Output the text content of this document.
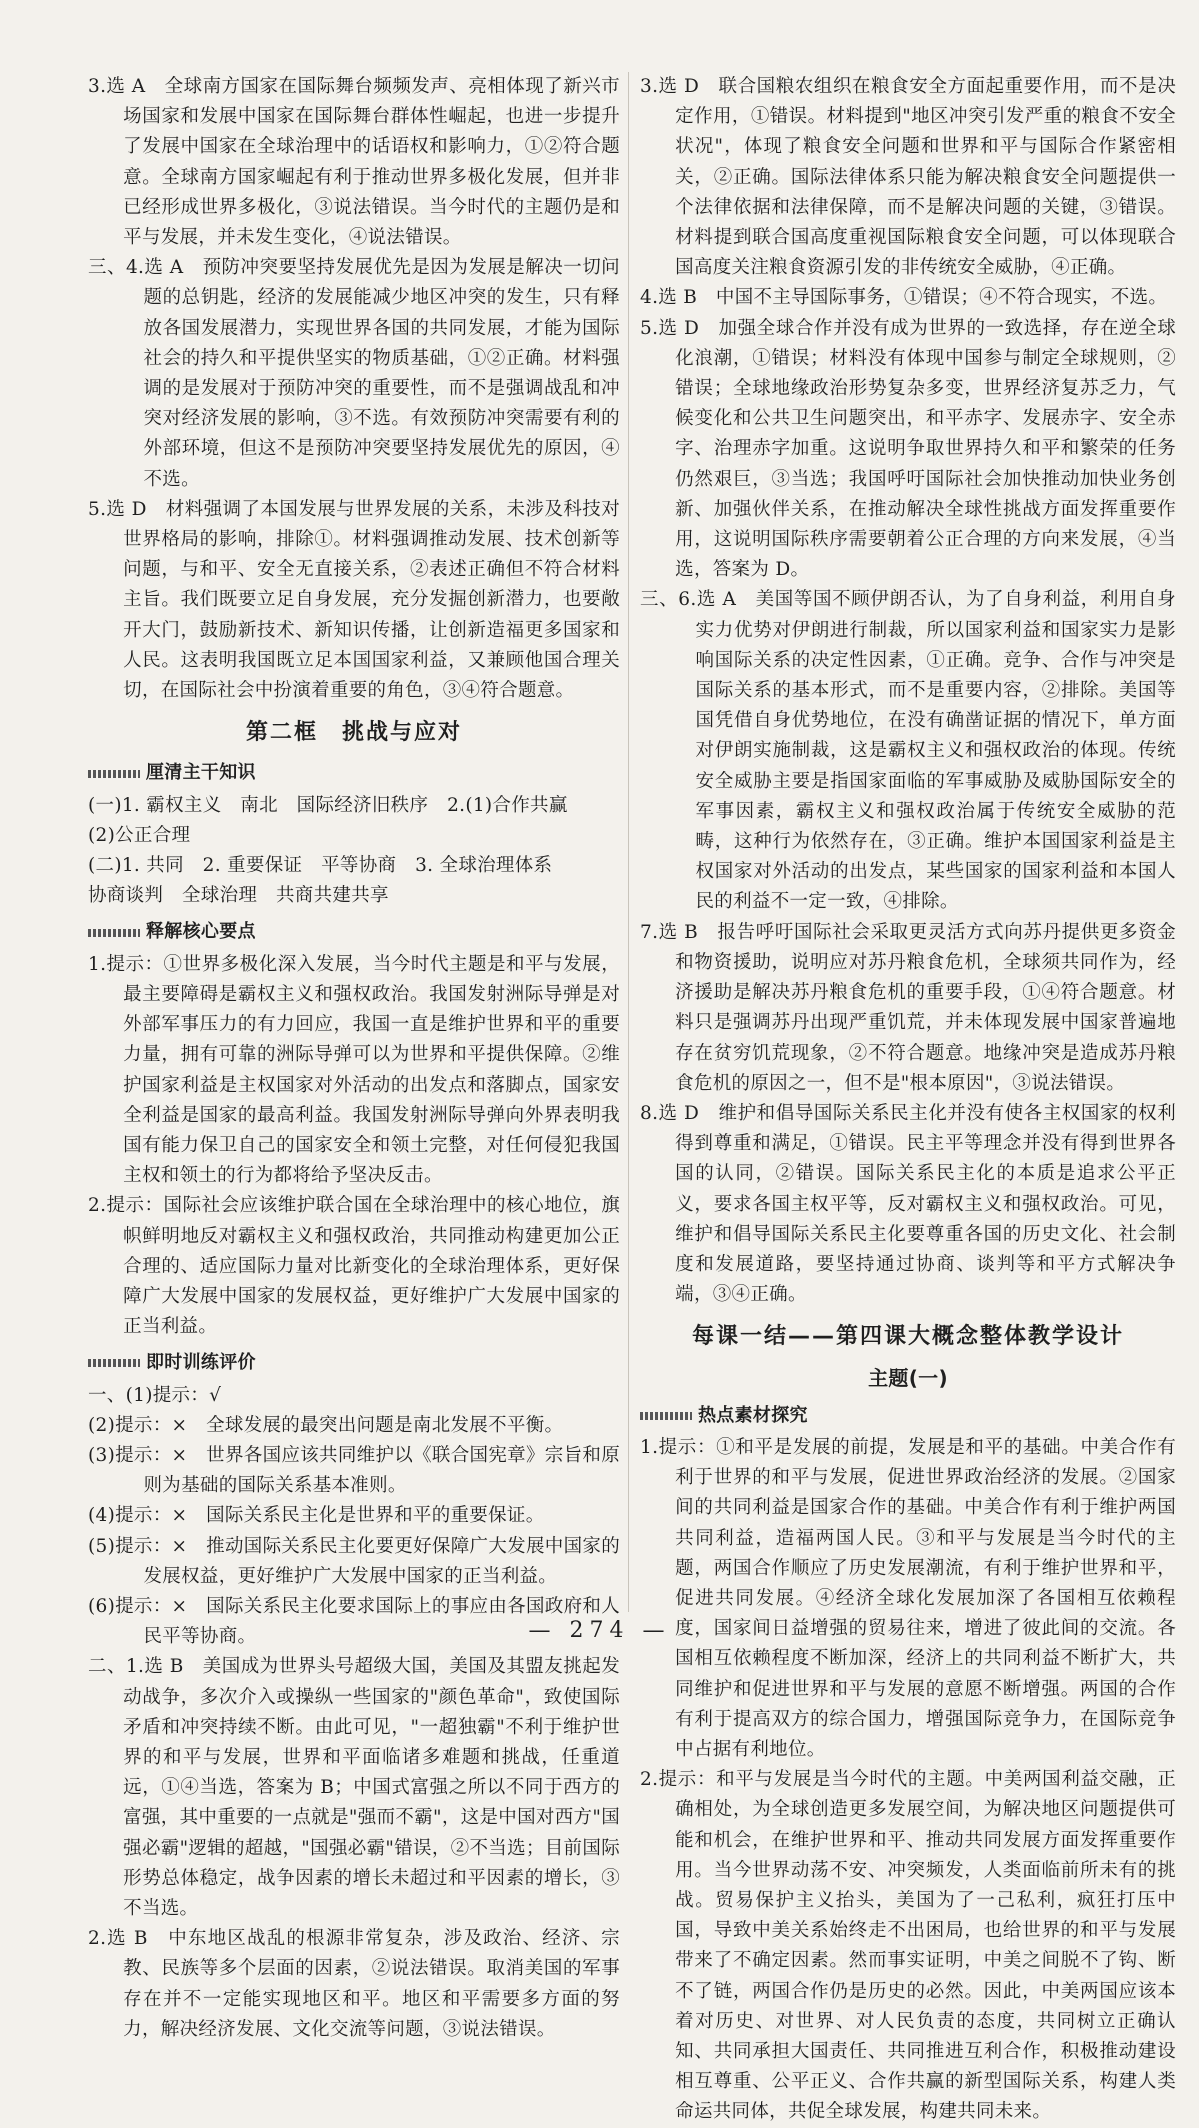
3.选 A　全球南方国家在国际舞台频频发声、亮相体现了新兴市场国家和发展中国家在国际舞台群体性崛起，也进一步提升了发展中国家在全球治理中的话语权和影响力，①②符合题意。全球南方国家崛起有利于推动世界多极化发展，但并非已经形成世界多极化，③说法错误。当今时代的主题仍是和平与发展，并未发生变化，④说法错误。

三、4.选 A　预防冲突要坚持发展优先是因为发展是解决一切问题的总钥匙，经济的发展能减少地区冲突的发生，只有释放各国发展潜力，实现世界各国的共同发展，才能为国际社会的持久和平提供坚实的物质基础，①②正确。材料强调的是发展对于预防冲突的重要性，而不是强调战乱和冲突对经济发展的影响，③不选。有效预防冲突需要有利的外部环境，但这不是预防冲突要坚持发展优先的原因，④不选。

5.选 D　材料强调了本国发展与世界发展的关系，未涉及科技对世界格局的影响，排除①。材料强调推动发展、技术创新等问题，与和平、安全无直接关系，②表述正确但不符合材料主旨。我们既要立足自身发展，充分发掘创新潜力，也要敞开大门，鼓励新技术、新知识传播，让创新造福更多国家和人民。这表明我国既立足本国国家利益，又兼顾他国合理关切，在国际社会中扮演着重要的角色，③④符合题意。

第二框　挑战与应对
厘清主干知识

(一)1. 霸权主义　南北　国际经济旧秩序　2.(1)合作共赢

(2)公正合理

(二)1. 共同　2. 重要保证　平等协商　3. 全球治理体系

协商谈判　全球治理　共商共建共享

释解核心要点

1.提示：①世界多极化深入发展，当今时代主题是和平与发展，最主要障碍是霸权主义和强权政治。我国发射洲际导弹是对外部军事压力的有力回应，我国一直是维护世界和平的重要力量，拥有可靠的洲际导弹可以为世界和平提供保障。②维护国家利益是主权国家对外活动的出发点和落脚点，国家安全利益是国家的最高利益。我国发射洲际导弹向外界表明我国有能力保卫自己的国家安全和领土完整，对任何侵犯我国主权和领土的行为都将给予坚决反击。

2.提示：国际社会应该维护联合国在全球治理中的核心地位，旗帜鲜明地反对霸权主义和强权政治，共同推动构建更加公正合理的、适应国际力量对比新变化的全球治理体系，更好保障广大发展中国家的发展权益，更好维护广大发展中国家的正当利益。

即时训练评价

一、(1)提示：√

(2)提示：×　全球发展的最突出问题是南北发展不平衡。

(3)提示：×　世界各国应该共同维护以《联合国宪章》宗旨和原则为基础的国际关系基本准则。

(4)提示：×　国际关系民主化是世界和平的重要保证。

(5)提示：×　推动国际关系民主化要更好保障广大发展中国家的发展权益，更好维护广大发展中国家的正当利益。

(6)提示：×　国际关系民主化要求国际上的事应由各国政府和人民平等协商。

二、1.选 B　美国成为世界头号超级大国，美国及其盟友挑起发动战争，多次介入或操纵一些国家的"颜色革命"，致使国际矛盾和冲突持续不断。由此可见，"一超独霸"不利于维护世界的和平与发展，世界和平面临诸多难题和挑战，任重道远，①④当选，答案为 B；中国式富强之所以不同于西方的富强，其中重要的一点就是"强而不霸"，这是中国对西方"国强必霸"逻辑的超越，"国强必霸"错误，②不当选；目前国际形势总体稳定，战争因素的增长未超过和平因素的增长，③不当选。

2.选 B　中东地区战乱的根源非常复杂，涉及政治、经济、宗教、民族等多个层面的因素，②说法错误。取消美国的军事存在并不一定能实现地区和平。地区和平需要多方面的努力，解决经济发展、文化交流等问题，③说法错误。

3.选 D　联合国粮农组织在粮食安全方面起重要作用，而不是决定作用，①错误。材料提到"地区冲突引发严重的粮食不安全状况"，体现了粮食安全问题和世界和平与国际合作紧密相关，②正确。国际法律体系只能为解决粮食安全问题提供一个法律依据和法律保障，而不是解决问题的关键，③错误。材料提到联合国高度重视国际粮食安全问题，可以体现联合国高度关注粮食资源引发的非传统安全威胁，④正确。

4.选 B　中国不主导国际事务，①错误；④不符合现实，不选。

5.选 D　加强全球合作并没有成为世界的一致选择，存在逆全球化浪潮，①错误；材料没有体现中国参与制定全球规则，②错误；全球地缘政治形势复杂多变，世界经济复苏乏力，气候变化和公共卫生问题突出，和平赤字、发展赤字、安全赤字、治理赤字加重。这说明争取世界持久和平和繁荣的任务仍然艰巨，③当选；我国呼吁国际社会加快推动加快业务创新、加强伙伴关系，在推动解决全球性挑战方面发挥重要作用，这说明国际秩序需要朝着公正合理的方向来发展，④当选，答案为 D。

三、6.选 A　美国等国不顾伊朗否认，为了自身利益，利用自身实力优势对伊朗进行制裁，所以国家利益和国家实力是影响国际关系的决定性因素，①正确。竞争、合作与冲突是国际关系的基本形式，而不是重要内容，②排除。美国等国凭借自身优势地位，在没有确凿证据的情况下，单方面对伊朗实施制裁，这是霸权主义和强权政治的体现。传统安全威胁主要是指国家面临的军事威胁及威胁国际安全的军事因素，霸权主义和强权政治属于传统安全威胁的范畴，这种行为依然存在，③正确。维护本国国家利益是主权国家对外活动的出发点，某些国家的国家利益和本国人民的利益不一定一致，④排除。

7.选 B　报告呼吁国际社会采取更灵活方式向苏丹提供更多资金和物资援助，说明应对苏丹粮食危机，全球须共同作为，经济援助是解决苏丹粮食危机的重要手段，①④符合题意。材料只是强调苏丹出现严重饥荒，并未体现发展中国家普遍地存在贫穷饥荒现象，②不符合题意。地缘冲突是造成苏丹粮食危机的原因之一，但不是"根本原因"，③说法错误。

8.选 D　维护和倡导国际关系民主化并没有使各主权国家的权利得到尊重和满足，①错误。民主平等理念并没有得到世界各国的认同，②错误。国际关系民主化的本质是追求公平正义，要求各国主权平等，反对霸权主义和强权政治。可见，维护和倡导国际关系民主化要尊重各国的历史文化、社会制度和发展道路，要坚持通过协商、谈判等和平方式解决争端，③④正确。

每课一结——第四课大概念整体教学设计
主题(一)
热点素材探究

1.提示：①和平是发展的前提，发展是和平的基础。中美合作有利于世界的和平与发展，促进世界政治经济的发展。②国家间的共同利益是国家合作的基础。中美合作有利于维护两国共同利益，造福两国人民。③和平与发展是当今时代的主题，两国合作顺应了历史发展潮流，有利于维护世界和平，促进共同发展。④经济全球化发展加深了各国相互依赖程度，国家间日益增强的贸易往来，增进了彼此间的交流。各国相互依赖程度不断加深，经济上的共同利益不断扩大，共同维护和促进世界和平与发展的意愿不断增强。两国的合作有利于提高双方的综合国力，增强国际竞争力，在国际竞争中占据有利地位。

2.提示：和平与发展是当今时代的主题。中美两国利益交融，正确相处，为全球创造更多发展空间，为解决地区问题提供可能和机会，在维护世界和平、推动共同发展方面发挥重要作用。当今世界动荡不安、冲突频发，人类面临前所未有的挑战。贸易保护主义抬头，美国为了一己私利，疯狂打压中国，导致中美关系始终走不出困局，也给世界的和平与发展带来了不确定因素。然而事实证明，中美之间脱不了钩、断不了链，两国合作仍是历史的必然。因此，中美两国应该本着对历史、对世界、对人民负责的态度，共同树立正确认知、共同承担大国责任、共同推进互利合作，积极推动建设相互尊重、公平正义、合作共赢的新型国际关系，构建人类命运共同体，共促全球发展，构建共同未来。

— 274 —
